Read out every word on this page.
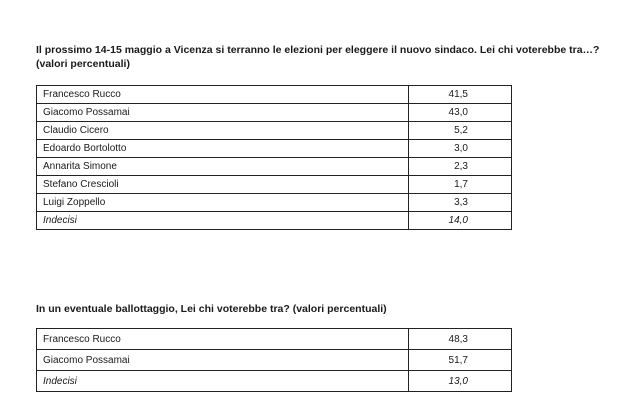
Il prossimo 14-15 maggio a Vicenza si terranno le elezioni per eleggere il nuovo sindaco. Lei chi voterebbe tra…?
(valori percentuali)
Francesco Rucco	41,5
Giacomo Possamai	43,0
Claudio Cicero	5,2
Edoardo Bortolotto	3,0
Annarita Simone	2,3
Stefano Crescioli	1,7
Luigi Zoppello	3,3
Indecisi	14,0
In un eventuale ballottaggio, Lei chi voterebbe tra? (valori percentuali)
Francesco Rucco	48,3
Giacomo Possamai	51,7
Indecisi	13,0
